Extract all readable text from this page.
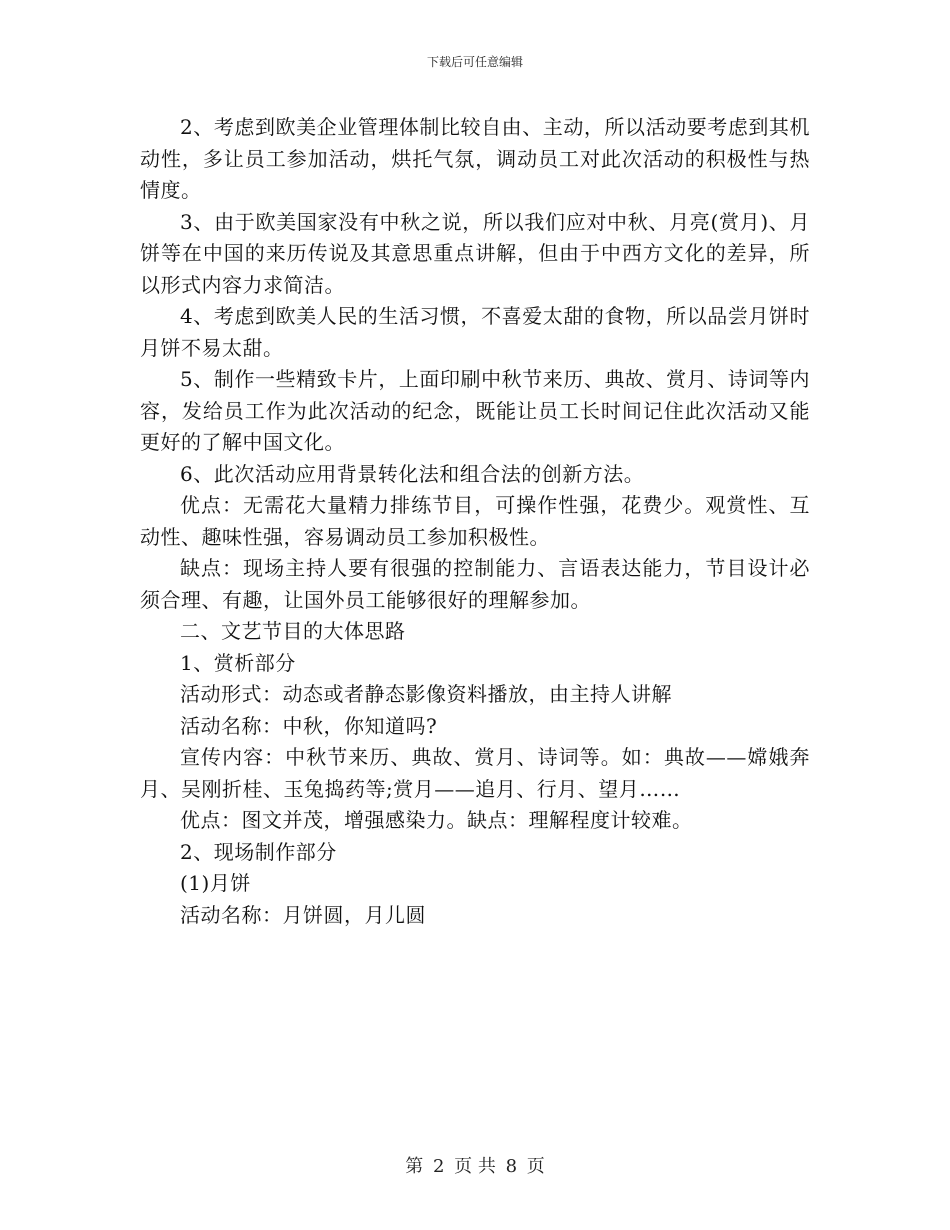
下载后可任意编辑

2、考虑到欧美企业管理体制比较自由、主动，所以活动要考虑到其机动性，多让员工参加活动，烘托气氛，调动员工对此次活动的积极性与热情度。

3、由于欧美国家没有中秋之说，所以我们应对中秋、月亮(赏月)、月饼等在中国的来历传说及其意思重点讲解，但由于中西方文化的差异，所以形式内容力求简洁。

4、考虑到欧美人民的生活习惯，不喜爱太甜的食物，所以品尝月饼时月饼不易太甜。

5、制作一些精致卡片，上面印刷中秋节来历、典故、赏月、诗词等内容，发给员工作为此次活动的纪念，既能让员工长时间记住此次活动又能更好的了解中国文化。

6、此次活动应用背景转化法和组合法的创新方法。

优点：无需花大量精力排练节目，可操作性强，花费少。观赏性、互动性、趣味性强，容易调动员工参加积极性。

缺点：现场主持人要有很强的控制能力、言语表达能力，节目设计必须合理、有趣，让国外员工能够很好的理解参加。

二、文艺节目的大体思路

1、赏析部分

活动形式：动态或者静态影像资料播放，由主持人讲解

活动名称：中秋，你知道吗?

宣传内容：中秋节来历、典故、赏月、诗词等。如：典故——嫦娥奔月、吴刚折桂、玉兔捣药等;赏月——追月、行月、望月……

优点：图文并茂，增强感染力。缺点：理解程度计较难。

2、现场制作部分

(1)月饼

活动名称：月饼圆，月儿圆

第 2 页 共 8 页
